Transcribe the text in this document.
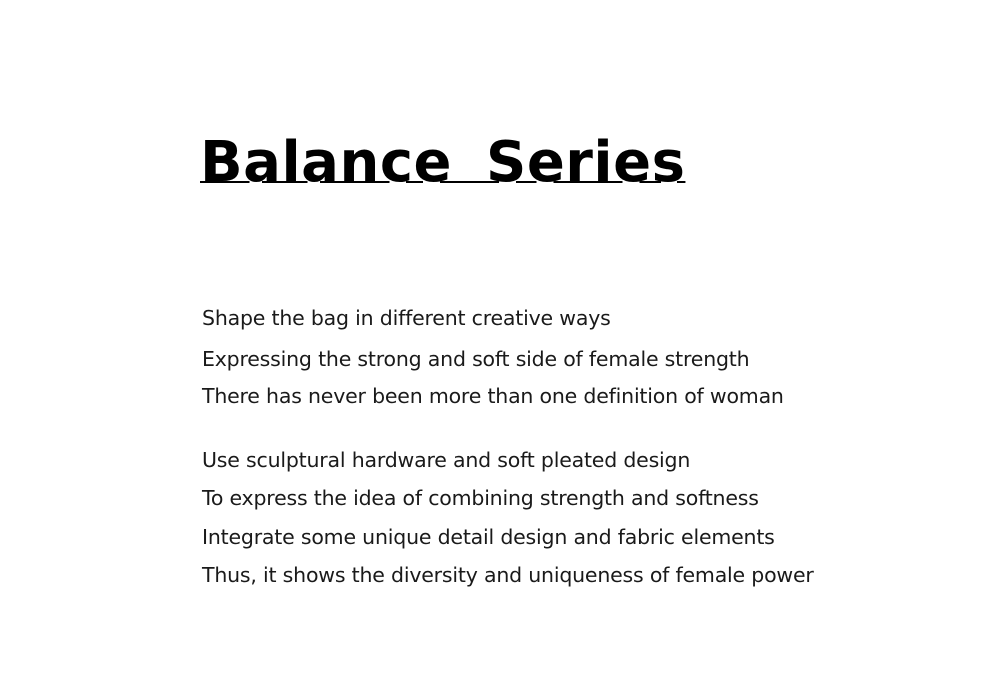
Balance Series
Shape the bag in different creative ways
Expressing the strong and soft side of female strength
There has never been more than one definition of woman
Use sculptural hardware and soft pleated design
To express the idea of combining strength and softness
Integrate some unique detail design and fabric elements
Thus, it shows the diversity and uniqueness of female power
